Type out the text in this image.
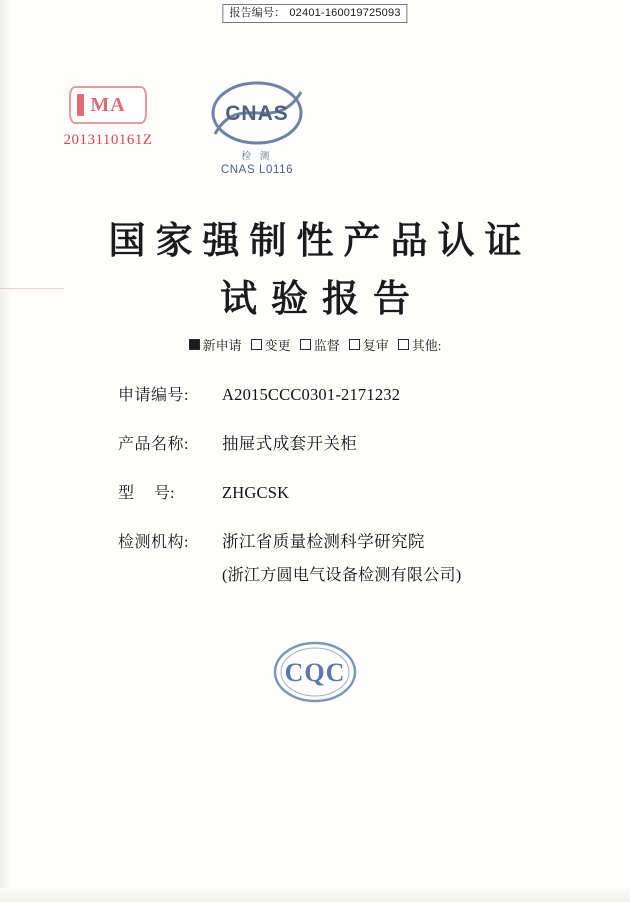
报告编号： 02401-160019725093
MA
2013110161Z
CNAS
检 测
CNAS L0116
国家强制性产品认证
试验报告
新申请 变更 监督 复审 其他:
申请编号:	A2015CCC0301-2171232
产品名称:	抽屉式成套开关柜
型　 号:	ZHGCSK
检测机构:	浙江省质量检测科学研究院
(浙江方圆电气设备检测有限公司)
CQC
